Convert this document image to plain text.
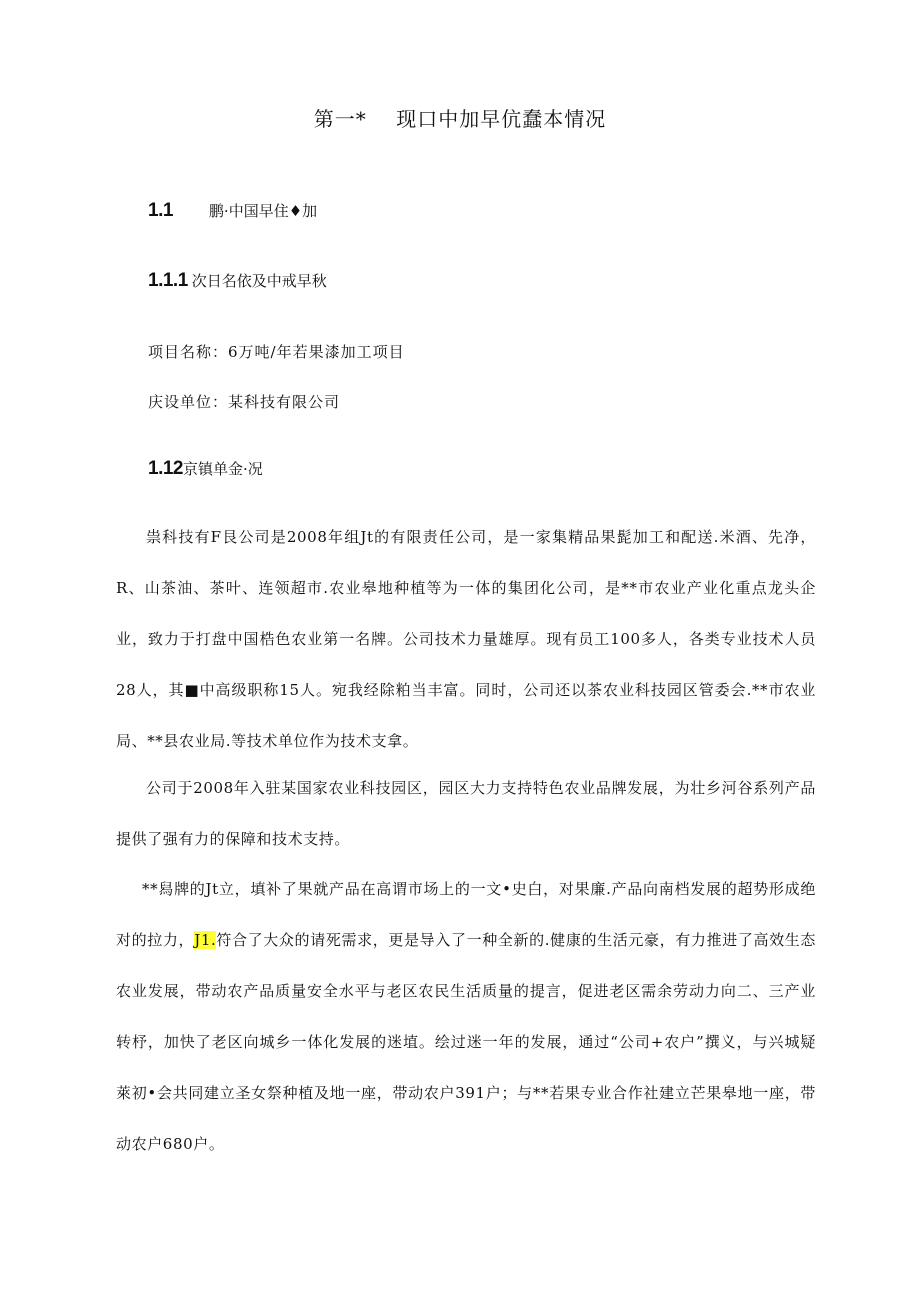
第一*    现口中加早伉蠢本情况
1.1 鹏·中国早住♦加
1.1.1 次日名依及中戒早秋
项目名称：6万吨/年若果漆加工项目
庆设单位：某科技有限公司
1.12京镇单金·况

祟科技有F艮公司是2008年组Jt的有限责任公司，是一家集精品果髭加工和配送.米酒、先净，R、山茶油、茶叶、连领超市.农业皋地种植等为一体的集团化公司，是**市农业产业化重点龙头企业，致力于打盘中国梏色农业第一名牌。公司技术力量雄厚。现有员工100多人，各类专业技术人员28人，其■中高级职称15人。宛我经除粕当丰富。同时，公司还以茶农业科技园区管委会.**市农业局、**县农业局.等技术单位作为技术支拿。

公司于2008年入驻某国家农业科技园区，园区大力支持特色农业品牌发展，为壮乡河谷系列产品提供了强有力的保障和技术支持。

**舄牌的Jt立，填补了果就产品在高谓市场上的一文•史白，对果廉.产品向南档发展的超势形成绝对的拉力，J1.符合了大众的请死需求，更是导入了一种全新的.健康的生活元豪，有力推进了高效生态农业发展，带动农产品质量安全水平与老区农民生活质量的提言，促进老区需余劳动力向二、三产业转杼，加快了老区向城乡一体化发展的迷埴。绘过迷一年的发展，通过“公司+农户”撰义，与兴城疑萊初•会共同建立圣女祭种植及地一座，带动农户391户；与**若果专业合作社建立芒果皋地一座，带动农户680户。
